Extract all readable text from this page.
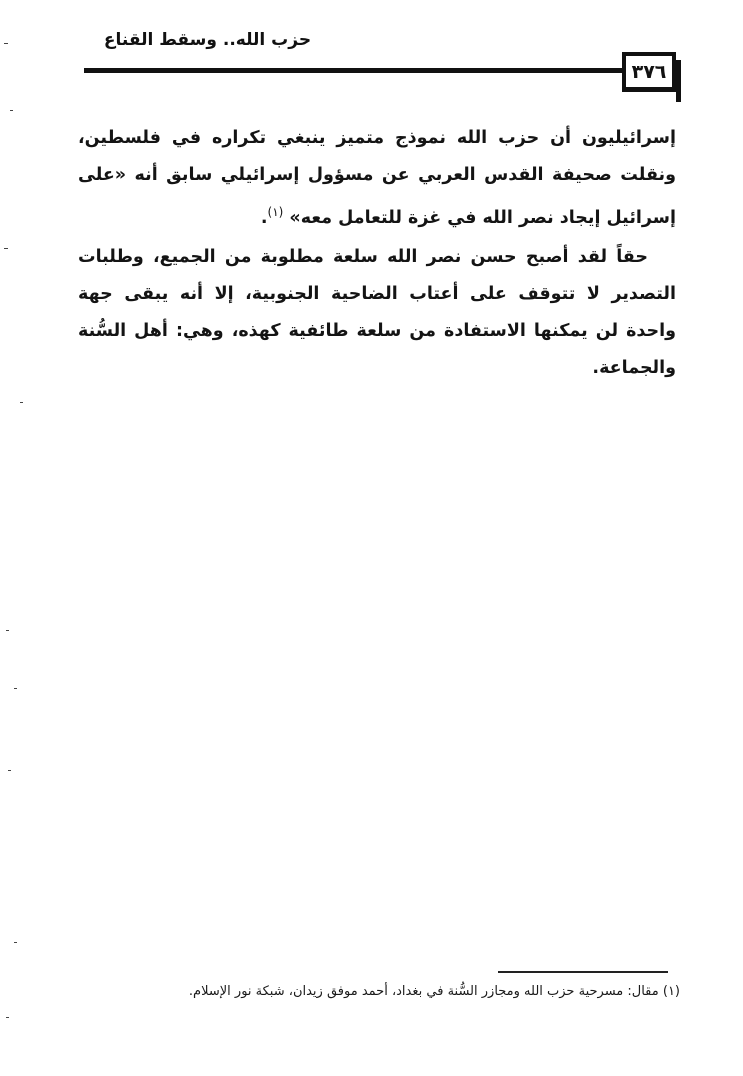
حزب الله.. وسقط القناع
٣٧٦

إسرائيليون أن حزب الله نموذج متميز ينبغي تكراره في فلسطين، ونقلت صحيفة القدس العربي عن مسؤول إسرائيلي سابق أنه «على إسرائيل إيجاد نصر الله في غزة للتعامل معه» $^{(١)}$.

حقاً لقد أصبح حسن نصر الله سلعة مطلوبة من الجميع، وطلبات التصدير لا تتوقف على أعتاب الضاحية الجنوبية، إلا أنه يبقى جهة واحدة لن يمكنها الاستفادة من سلعة طائفية كهذه، وهي: أهل السُّنة والجماعة.

(١) مقال: مسرحية حزب الله ومجازر السُّنة في بغداد، أحمد موفق زيدان، شبكة نور الإسلام.
